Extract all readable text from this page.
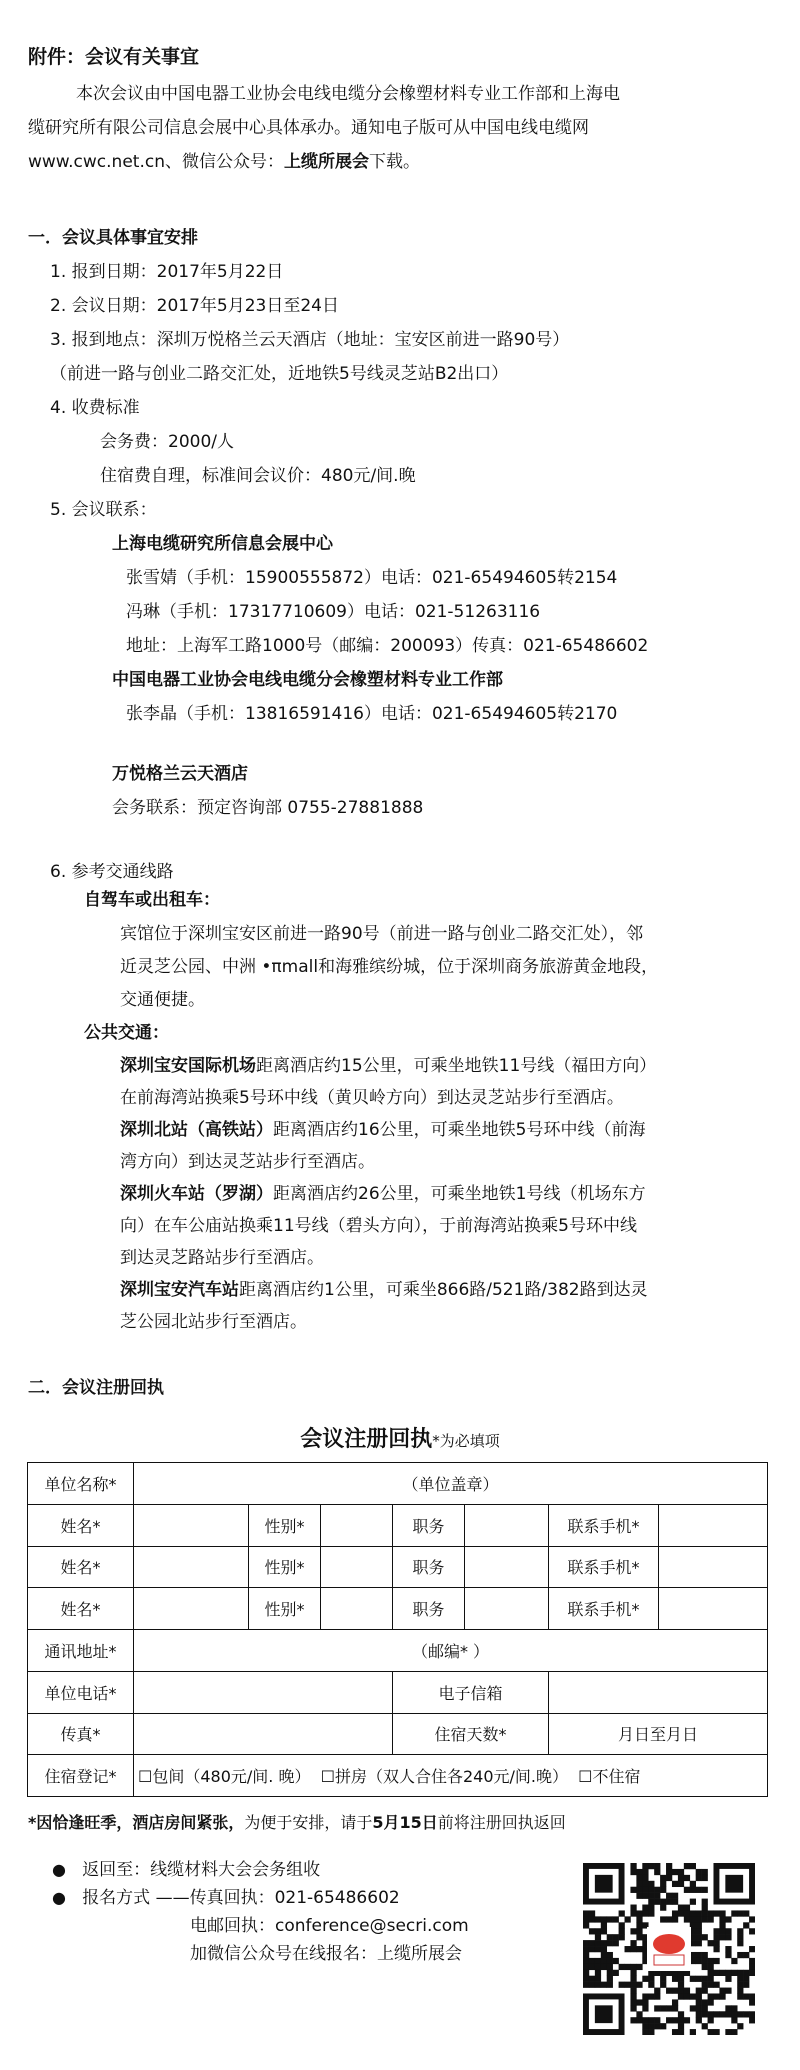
附件：会议有关事宜
本次会议由中国电器工业协会电线电缆分会橡塑材料专业工作部和上海电
缆研究所有限公司信息会展中心具体承办。通知电子版可从中国电线电缆网
www.cwc.net.cn、微信公众号：上缆所展会下载。
一．会议具体事宜安排
1. 报到日期：2017年5月22日
2. 会议日期：2017年5月23日至24日
3. 报到地点：深圳万悦格兰云天酒店（地址：宝安区前进一路90号）
（前进一路与创业二路交汇处，近地铁5号线灵芝站B2出口）
4. 收费标准
会务费：2000/人
住宿费自理，标准间会议价：480元/间.晚
5. 会议联系：
上海电缆研究所信息会展中心
张雪婧（手机：15900555872）电话：021-65494605转2154
冯琳（手机：17317710609）电话：021-51263116
地址：上海军工路1000号（邮编：200093）传真：021-65486602
中国电器工业协会电线电缆分会橡塑材料专业工作部
张李晶（手机：13816591416）电话：021-65494605转2170
万悦格兰云天酒店
会务联系：预定咨询部 0755-27881888
6. 参考交通线路
自驾车或出租车：
宾馆位于深圳宝安区前进一路90号（前进一路与创业二路交汇处），邻
近灵芝公园、中洲 •πmall和海雅缤纷城，位于深圳商务旅游黄金地段，
交通便捷。
公共交通：
深圳宝安国际机场距离酒店约15公里，可乘坐地铁11号线（福田方向）
在前海湾站换乘5号环中线（黄贝岭方向）到达灵芝站步行至酒店。
深圳北站（高铁站）距离酒店约16公里，可乘坐地铁5号环中线（前海
湾方向）到达灵芝站步行至酒店。
深圳火车站（罗湖）距离酒店约26公里，可乘坐地铁1号线（机场东方
向）在车公庙站换乘11号线（碧头方向），于前海湾站换乘5号环中线
到达灵芝路站步行至酒店。
深圳宝安汽车站距离酒店约1公里，可乘坐866路/521路/382路到达灵
芝公园北站步行至酒店。
二．会议注册回执
会议注册回执*为必填项
单位名称*	（单位盖章）						
姓名*		性别*		职务		联系手机*	
姓名*		性别*		职务		联系手机*	
姓名*		性别*		职务		联系手机*	
通讯地址*	（邮编* ）						
单位电话*				电子信箱			
传真*				住宿天数*		月日至月日	
住宿登记*	☐包间（480元/间. 晚） ☐拼房（双人合住各240元/间.晚） ☐不住宿						
*因恰逢旺季，酒店房间紧张，为便于安排，请于5月15日前将注册回执返回
● 返回至：线缆材料大会会务组收
● 报名方式 ——传真回执：021-65486602
电邮回执：conference@secri.com
加微信公众号在线报名：上缆所展会
